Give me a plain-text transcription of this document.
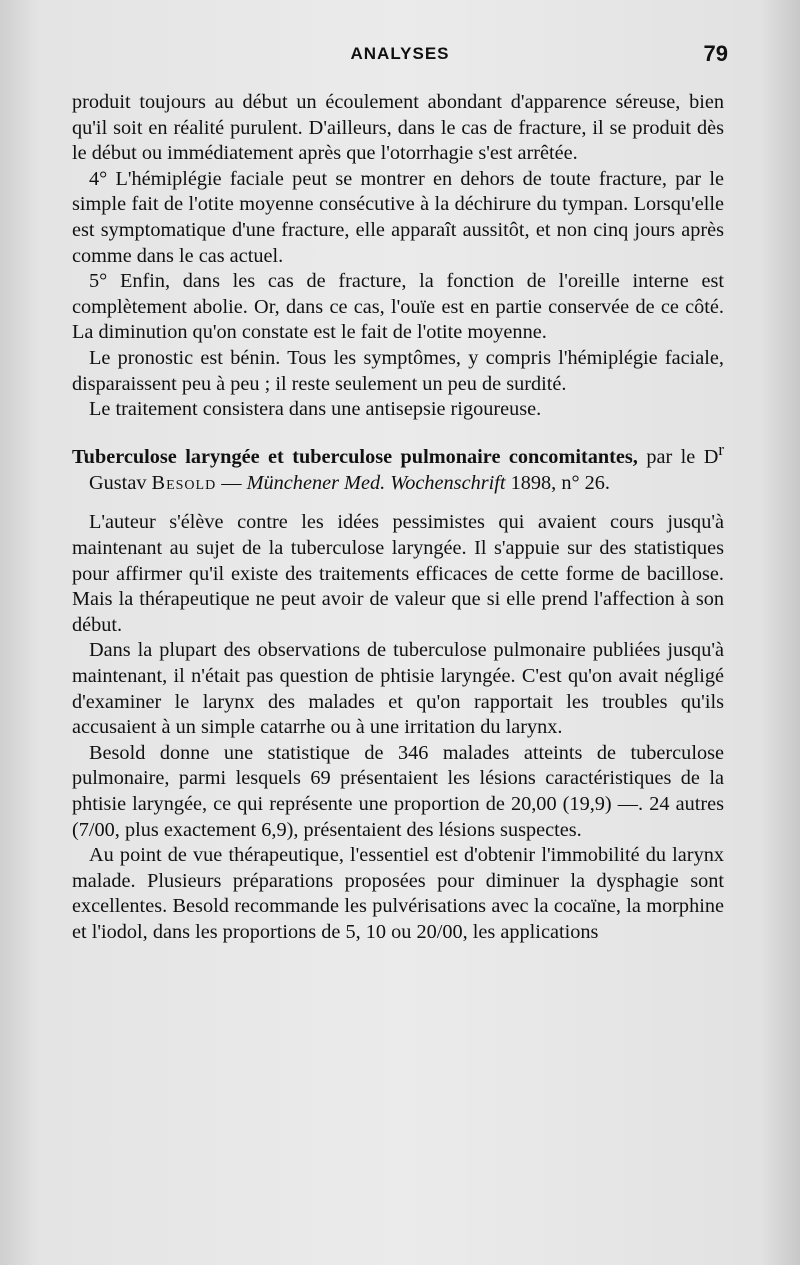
ANALYSES	79

produit toujours au début un écoulement abondant d'apparence séreuse, bien qu'il soit en réalité purulent. D'ailleurs, dans le cas de fracture, il se produit dès le début ou immédiatement après que l'otorrhagie s'est arrêtée.

4° L'hémiplégie faciale peut se montrer en dehors de toute fracture, par le simple fait de l'otite moyenne consécutive à la déchirure du tympan. Lorsqu'elle est symptomatique d'une fracture, elle apparaît aussitôt, et non cinq jours après comme dans le cas actuel.

5° Enfin, dans les cas de fracture, la fonction de l'oreille interne est complètement abolie. Or, dans ce cas, l'ouïe est en partie conservée de ce côté. La diminution qu'on constate est le fait de l'otite moyenne.

Le pronostic est bénin. Tous les symptômes, y compris l'hémiplégie faciale, disparaissent peu à peu ; il reste seulement un peu de surdité.

Le traitement consistera dans une antisepsie rigoureuse.

Tuberculose laryngée et tuberculose pulmonaire concomitantes, par le $D^r$ Gustav Besold — Münchener Med. Wochenschrift 1898, n° 26.

L'auteur s'élève contre les idées pessimistes qui avaient cours jusqu'à maintenant au sujet de la tuberculose laryngée. Il s'appuie sur des statistiques pour affirmer qu'il existe des traitements efficaces de cette forme de bacillose. Mais la thérapeutique ne peut avoir de valeur que si elle prend l'affection à son début.

Dans la plupart des observations de tuberculose pulmonaire publiées jusqu'à maintenant, il n'était pas question de phtisie laryngée. C'est qu'on avait négligé d'examiner le larynx des malades et qu'on rapportait les troubles qu'ils accusaient à un simple catarrhe ou à une irritation du larynx.

Besold donne une statistique de 346 malades atteints de tuberculose pulmonaire, parmi lesquels 69 présentaient les lésions caractéristiques de la phtisie laryngée, ce qui représente une proportion de 20,00 (19,9) —. 24 autres (7/00, plus exactement 6,9), présentaient des lésions suspectes.

Au point de vue thérapeutique, l'essentiel est d'obtenir l'immobilité du larynx malade. Plusieurs préparations proposées pour diminuer la dysphagie sont excellentes. Besold recommande les pulvérisations avec la cocaïne, la morphine et l'iodol, dans les proportions de 5, 10 ou 20/00, les applications
